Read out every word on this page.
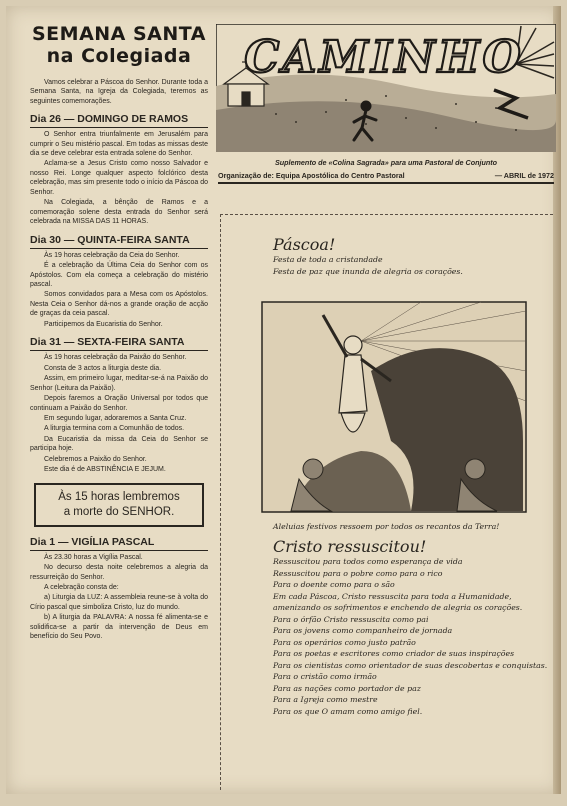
SEMANA SANTA
na Colegiada

Vamos celebrar a Páscoa do Senhor. Durante toda a Semana Santa, na Igreja da Colegiada, teremos as seguintes comemorações.

Dia 26 — DOMINGO DE RAMOS

O Senhor entra triunfalmente em Jerusalém para cumprir o Seu mistério pascal. Em todas as missas deste dia se deve celebrar esta entrada solene do Senhor.

Aclama-se a Jesus Cristo como nosso Salvador e nosso Rei. Longe qualquer aspecto folclórico desta celebração, mas sim presente todo o início da Páscoa do Senhor.

Na Colegiada, a bênção de Ramos e a comemoração solene desta entrada do Senhor será celebrada na MISSA DAS 11 HORAS.

Dia 30 — QUINTA-FEIRA SANTA

Às 19 horas celebração da Ceia do Senhor.

É a celebração da Última Ceia do Senhor com os Apóstolos. Com ela começa a celebração do mistério pascal.

Somos convidados para a Mesa com os Apóstolos. Nesta Ceia o Senhor dá-nos a grande oração de acção de graças da ceia pascal.

Participemos da Eucaristia do Senhor.

Dia 31 — SEXTA-FEIRA SANTA

Às 19 horas celebração da Paixão do Senhor.

Consta de 3 actos a liturgia deste dia.

Assim, em primeiro lugar, meditar-se-á na Paixão do Senhor (Leitura da Paixão).

Depois faremos a Oração Universal por todos que continuam a Paixão do Senhor.

Em segundo lugar, adoraremos a Santa Cruz.

A liturgia termina com a Comunhão de todos.

Da Eucaristia da missa da Ceia do Senhor se participa hoje.

Celebremos a Paixão do Senhor.

Este dia é de ABSTINÊNCIA E JEJUM.

Às 15 horas lembremos
a morte do SENHOR.
Dia 1 — VIGÍLIA PASCAL

Às 23.30 horas a Vigília Pascal.

No decurso desta noite celebremos a alegria da ressurreição do Senhor.

A celebração consta de:

a) Liturgia da LUZ: A assembleia reune-se à volta do Círio pascal que simboliza Cristo, luz do mundo.

b) A liturgia da PALAVRA: A nossa fé alimenta-se e solidifica-se a partir da intervenção de Deus em benefício do Seu Povo.

CAMINHO
Suplemento de «Colina Sagrada» para uma Pastoral de Conjunto
Organização de: Equipa Apostólica do Centro Pastoral	— ABRIL de 1972

Páscoa!

Festa de toda a cristandade

Festa de paz que inunda de alegria os corações.

Aleluias festivos ressoem por todos os recantos da Terra!

Cristo ressuscitou!

Ressuscitou para todos como esperança de vida

Ressuscitou para o pobre como para o rico

Para o doente como para o são

Em cada Páscoa, Cristo ressuscita para toda a Humanidade, amenizando os sofrimentos e enchendo de alegria os corações.

Para o órfão Cristo ressuscita como pai

Para os jovens como companheiro de jornada

Para os operários como justo patrão

Para os poetas e escritores como criador de suas inspirações

Para os cientistas como orientador de suas descobertas e conquistas.

Para o cristão como irmão

Para as nações como portador de paz

Para a Igreja como mestre

Para os que O amam como amigo fiel.
